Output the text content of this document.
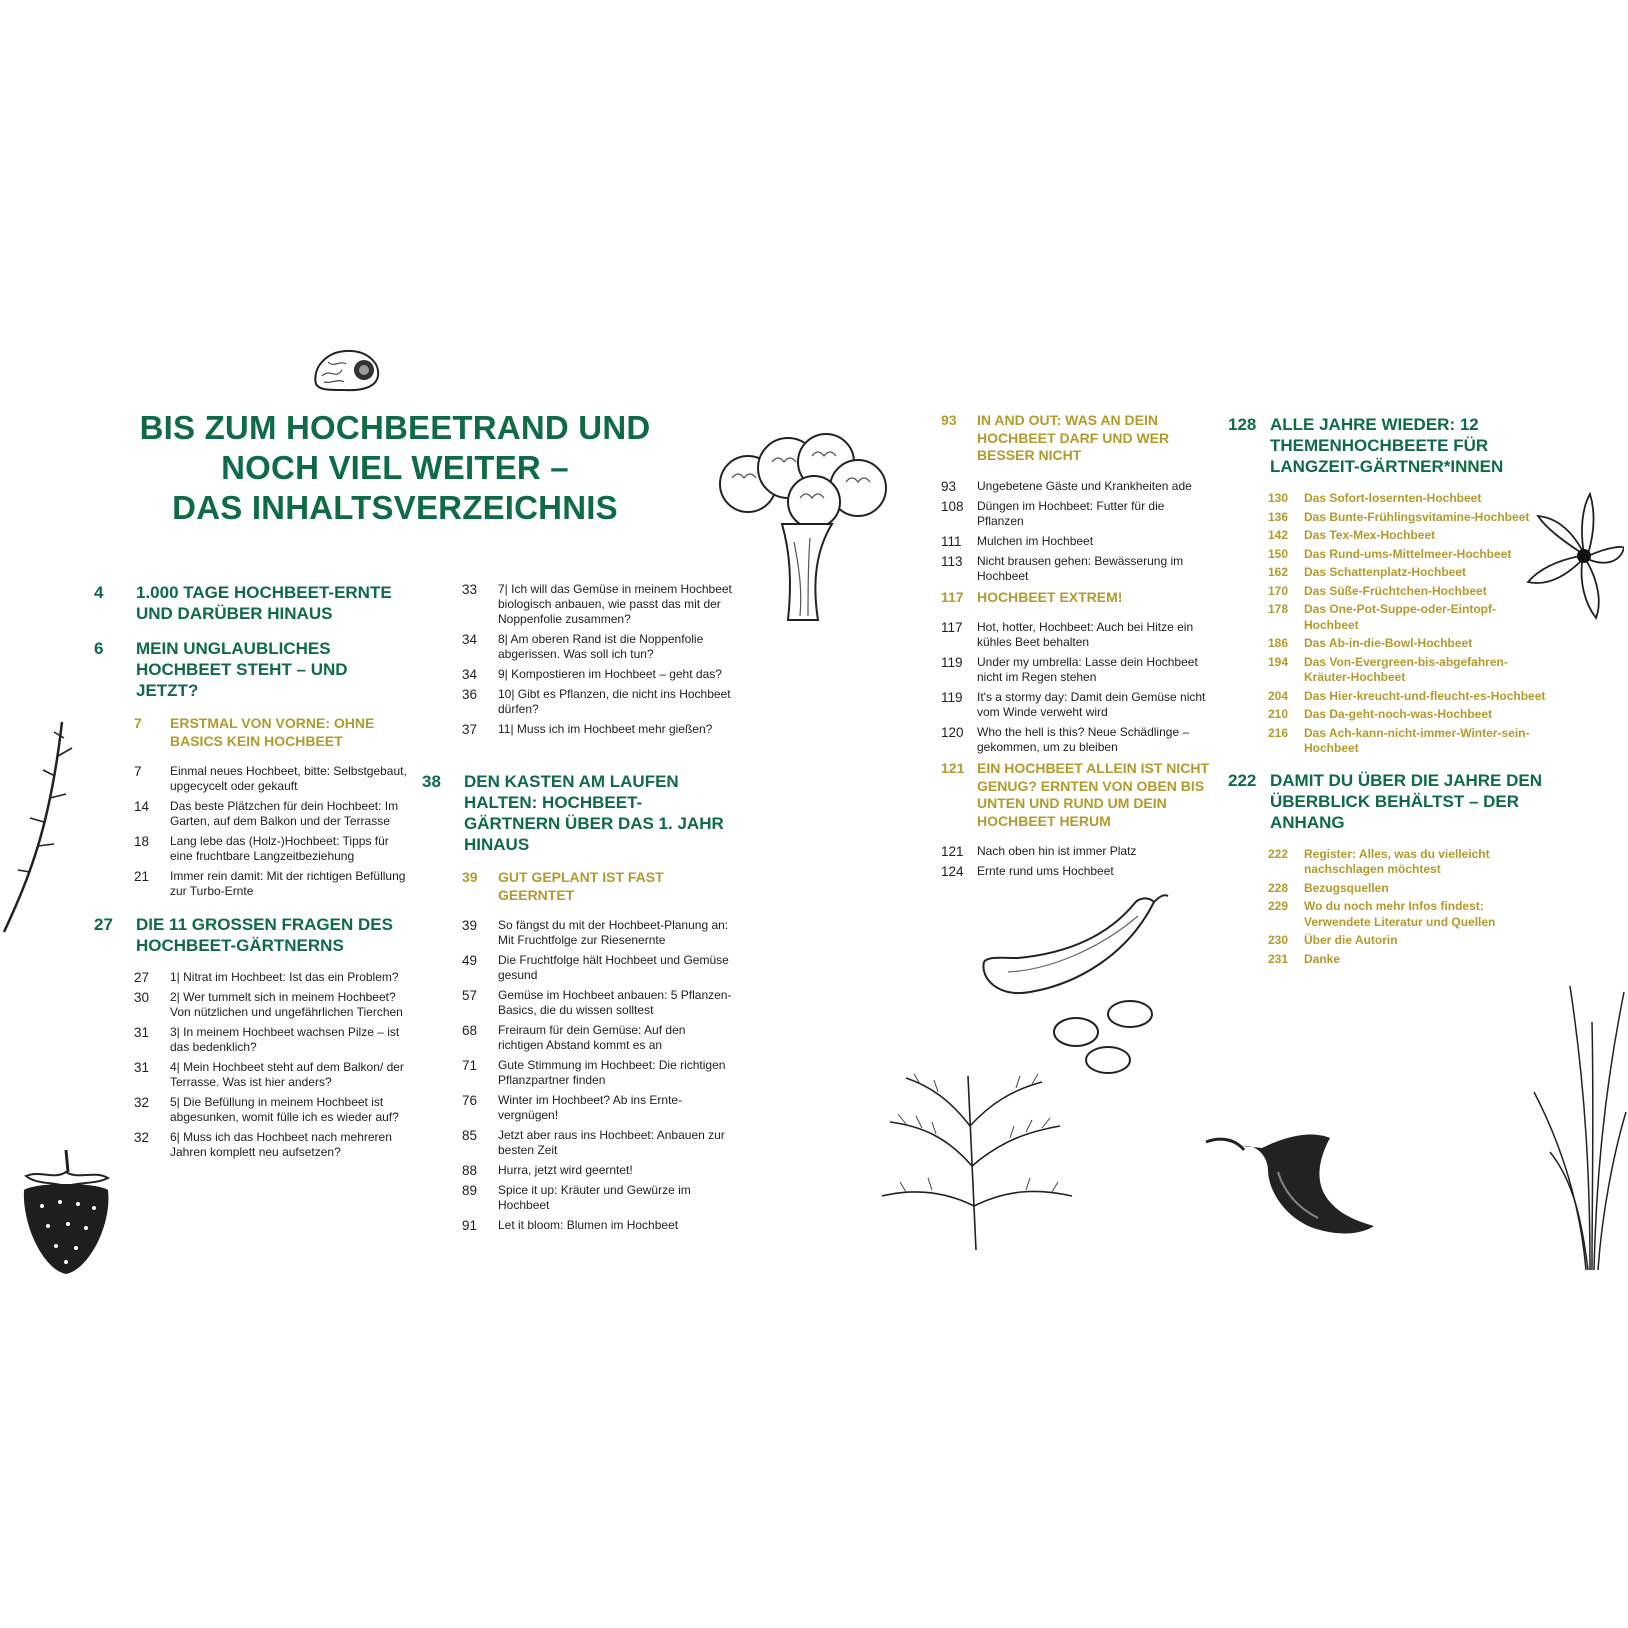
BIS ZUM HOCHBEETRAND UND
NOCH VIEL WEITER –
DAS INHALTSVERZEICHNIS
4 1.000 TAGE HOCHBEET-ERNTE UND DARÜBER HINAUS
6 MEIN UNGLAUBLICHES HOCHBEET STEHT – UND JETZT?
7 ERSTMAL VON VORNE: OHNE BASICS KEIN HOCHBEET
7 Einmal neues Hochbeet, bitte: Selbstgebaut, upgecycelt oder gekauft
14 Das beste Plätzchen für dein Hochbeet: Im Garten, auf dem Balkon und der Terrasse
18 Lang lebe das (Holz-)Hochbeet: Tipps für eine fruchtbare Langzeitbeziehung
21 Immer rein damit: Mit der richtigen Befüllung zur Turbo-Ernte
27 DIE 11 GROSSEN FRAGEN DES HOCHBEET-GÄRTNERNS
27 1| Nitrat im Hochbeet: Ist das ein Problem?
30 2| Wer tummelt sich in meinem Hochbeet? Von nützlichen und ungefährlichen Tierchen
31 3| In meinem Hochbeet wachsen Pilze – ist das bedenklich?
31 4| Mein Hochbeet steht auf dem Balkon/ der Terrasse. Was ist hier anders?
32 5| Die Befüllung in meinem Hochbeet ist abgesunken, womit fülle ich es wieder auf?
32 6| Muss ich das Hochbeet nach mehreren Jahren komplett neu aufsetzen?
33 7| Ich will das Gemüse in meinem Hochbeet biologisch anbauen, wie passt das mit der Noppenfolie zusammen?
34 8| Am oberen Rand ist die Noppenfolie abgerissen. Was soll ich tun?
34 9| Kompostieren im Hochbeet – geht das?
36 10| Gibt es Pflanzen, die nicht ins Hochbeet dürfen?
37 11| Muss ich im Hochbeet mehr gießen?
38 DEN KASTEN AM LAUFEN HALTEN: HOCHBEET-GÄRTNERN ÜBER DAS 1. JAHR HINAUS
39 GUT GEPLANT IST FAST GEERNTET
39 So fängst du mit der Hochbeet-Planung an: Mit Fruchtfolge zur Riesenernte
49 Die Fruchtfolge hält Hochbeet und Gemüse gesund
57 Gemüse im Hochbeet anbauen: 5 Pflanzen-Basics, die du wissen solltest
68 Freiraum für dein Gemüse: Auf den richtigen Abstand kommt es an
71 Gute Stimmung im Hochbeet: Die richtigen Pflanzpartner finden
76 Winter im Hochbeet? Ab ins Ernte-vergnügen!
85 Jetzt aber raus ins Hochbeet: Anbauen zur besten Zeit
88 Hurra, jetzt wird geerntet!
89 Spice it up: Kräuter und Gewürze im Hochbeet
91 Let it bloom: Blumen im Hochbeet
93 IN AND OUT: WAS AN DEIN HOCHBEET DARF UND WER BESSER NICHT
93 Ungebetene Gäste und Krankheiten ade
108 Düngen im Hochbeet: Futter für die Pflanzen
111 Mulchen im Hochbeet
113 Nicht brausen gehen: Bewässerung im Hochbeet
117 HOCHBEET EXTREM!
117 Hot, hotter, Hochbeet: Auch bei Hitze ein kühles Beet behalten
119 Under my umbrella: Lasse dein Hochbeet nicht im Regen stehen
119 It's a stormy day: Damit dein Gemüse nicht vom Winde verweht wird
120 Who the hell is this? Neue Schädlinge – gekommen, um zu bleiben
121 EIN HOCHBEET ALLEIN IST NICHT GENUG? ERNTEN VON OBEN BIS UNTEN UND RUND UM DEIN HOCHBEET HERUM
121 Nach oben hin ist immer Platz
124 Ernte rund ums Hochbeet
128 ALLE JAHRE WIEDER: 12 THEMENHOCHBEETE FÜR LANGZEIT-GÄRTNER*INNEN
130 Das Sofort-losernten-Hochbeet
136 Das Bunte-Frühlingsvitamine-Hochbeet
142 Das Tex-Mex-Hochbeet
150 Das Rund-ums-Mittelmeer-Hochbeet
162 Das Schattenplatz-Hochbeet
170 Das Süße-Früchtchen-Hochbeet
178 Das One-Pot-Suppe-oder-Eintopf-Hochbeet
186 Das Ab-in-die-Bowl-Hochbeet
194 Das Von-Evergreen-bis-abgefahren-Kräuter-Hochbeet
204 Das Hier-kreucht-und-fleucht-es-Hochbeet
210 Das Da-geht-noch-was-Hochbeet
216 Das Ach-kann-nicht-immer-Winter-sein-Hochbeet
222 DAMIT DU ÜBER DIE JAHRE DEN ÜBERBLICK BEHÄLTST – DER ANHANG
222 Register: Alles, was du vielleicht nachschlagen möchtest
228 Bezugsquellen
229 Wo du noch mehr Infos findest: Verwendete Literatur und Quellen
230 Über die Autorin
231 Danke
